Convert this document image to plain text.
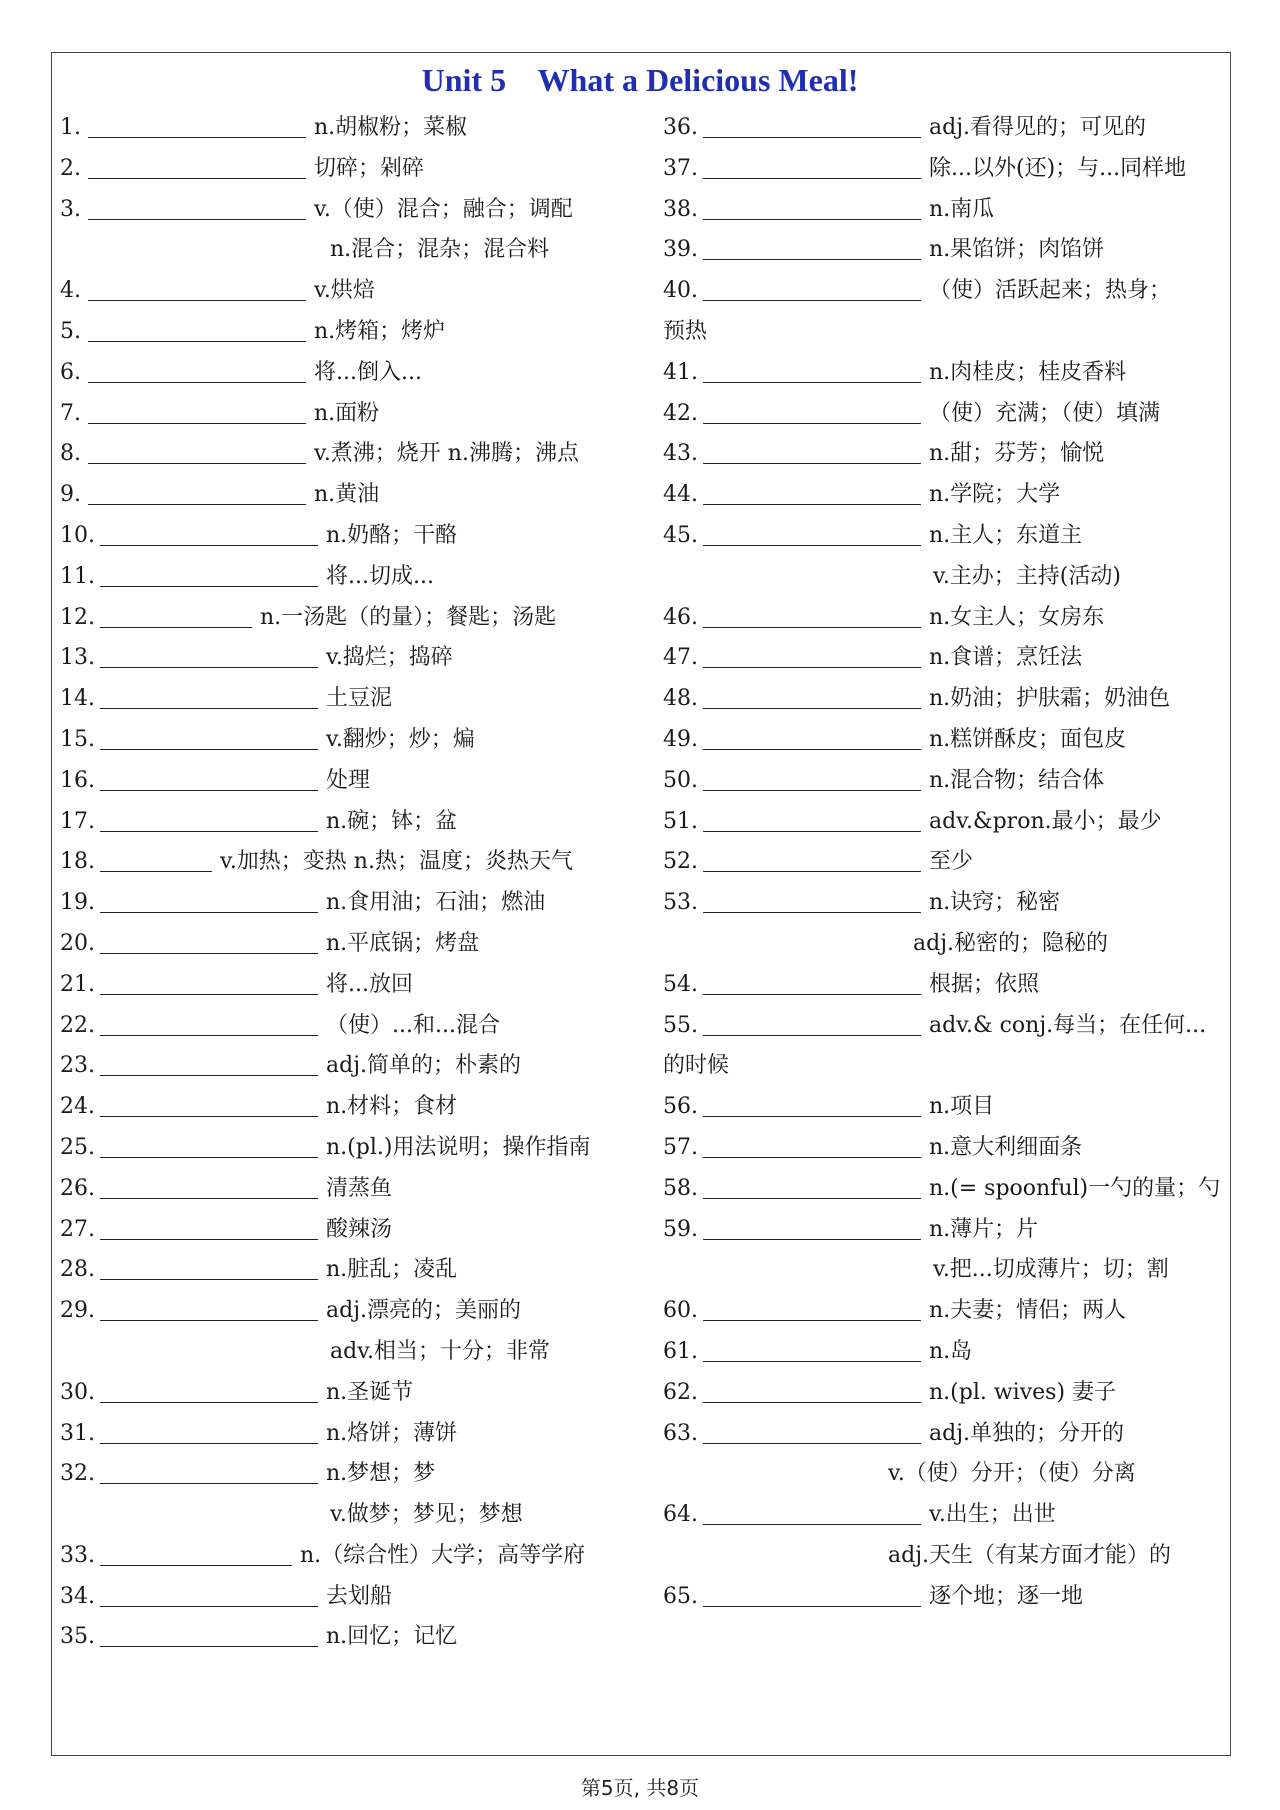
Unit 5    What a Delicious Meal!
1.	n.胡椒粉；菜椒
2.	切碎；剁碎
3.	v.（使）混合；融合；调配
n.混合；混杂；混合料
4.	v.烘焙
5.	n.烤箱；烤炉
6.	将...倒入...
7.	n.面粉
8.	v.煮沸；烧开 n.沸腾；沸点
9.	n.黄油
10.	n.奶酪；干酪
11.	将...切成...
12.	n.一汤匙（的量）；餐匙；汤匙
13.	v.捣烂；捣碎
14.	土豆泥
15.	v.翻炒；炒；煸
16.	处理
17.	n.碗；钵；盆
18.	v.加热；变热 n.热；温度；炎热天气
19.	n.食用油；石油；燃油
20.	n.平底锅；烤盘
21.	将...放回
22.	（使）...和...混合
23.	adj.简单的；朴素的
24.	n.材料；食材
25.	n.(pl.)用法说明；操作指南
26.	清蒸鱼
27.	酸辣汤
28.	n.脏乱；凌乱
29.	adj.漂亮的；美丽的
adv.相当；十分；非常
30.	n.圣诞节
31.	n.烙饼；薄饼
32.	n.梦想；梦
v.做梦；梦见；梦想
33.	n.（综合性）大学；高等学府
34.	去划船
35.	n.回忆；记忆
36.	adj.看得见的；可见的
37.	除...以外(还)；与...同样地
38.	n.南瓜
39.	n.果馅饼；肉馅饼
40.	（使）活跃起来；热身；
预热
41.	n.肉桂皮；桂皮香料
42.	（使）充满；（使）填满
43.	n.甜；芬芳；愉悦
44.	n.学院；大学
45.	n.主人；东道主
v.主办；主持(活动)
46.	n.女主人；女房东
47.	n.食谱；烹饪法
48.	n.奶油；护肤霜；奶油色
49.	n.糕饼酥皮；面包皮
50.	n.混合物；结合体
51.	adv.&pron.最小；最少
52.	至少
53.	n.诀窍；秘密
adj.秘密的；隐秘的
54.	根据；依照
55.	adv.& conj.每当；在任何...
的时候
56.	n.项目
57.	n.意大利细面条
58.	n.(= spoonful)一勺的量；勺
59.	n.薄片；片
v.把...切成薄片；切；割
60.	n.夫妻；情侣；两人
61.	n.岛
62.	n.(pl. wives) 妻子
63.	adj.单独的；分开的
v.（使）分开；（使）分离
64.	v.出生；出世
adj.天生（有某方面才能）的
65.	逐个地；逐一地

第5页, 共8页
